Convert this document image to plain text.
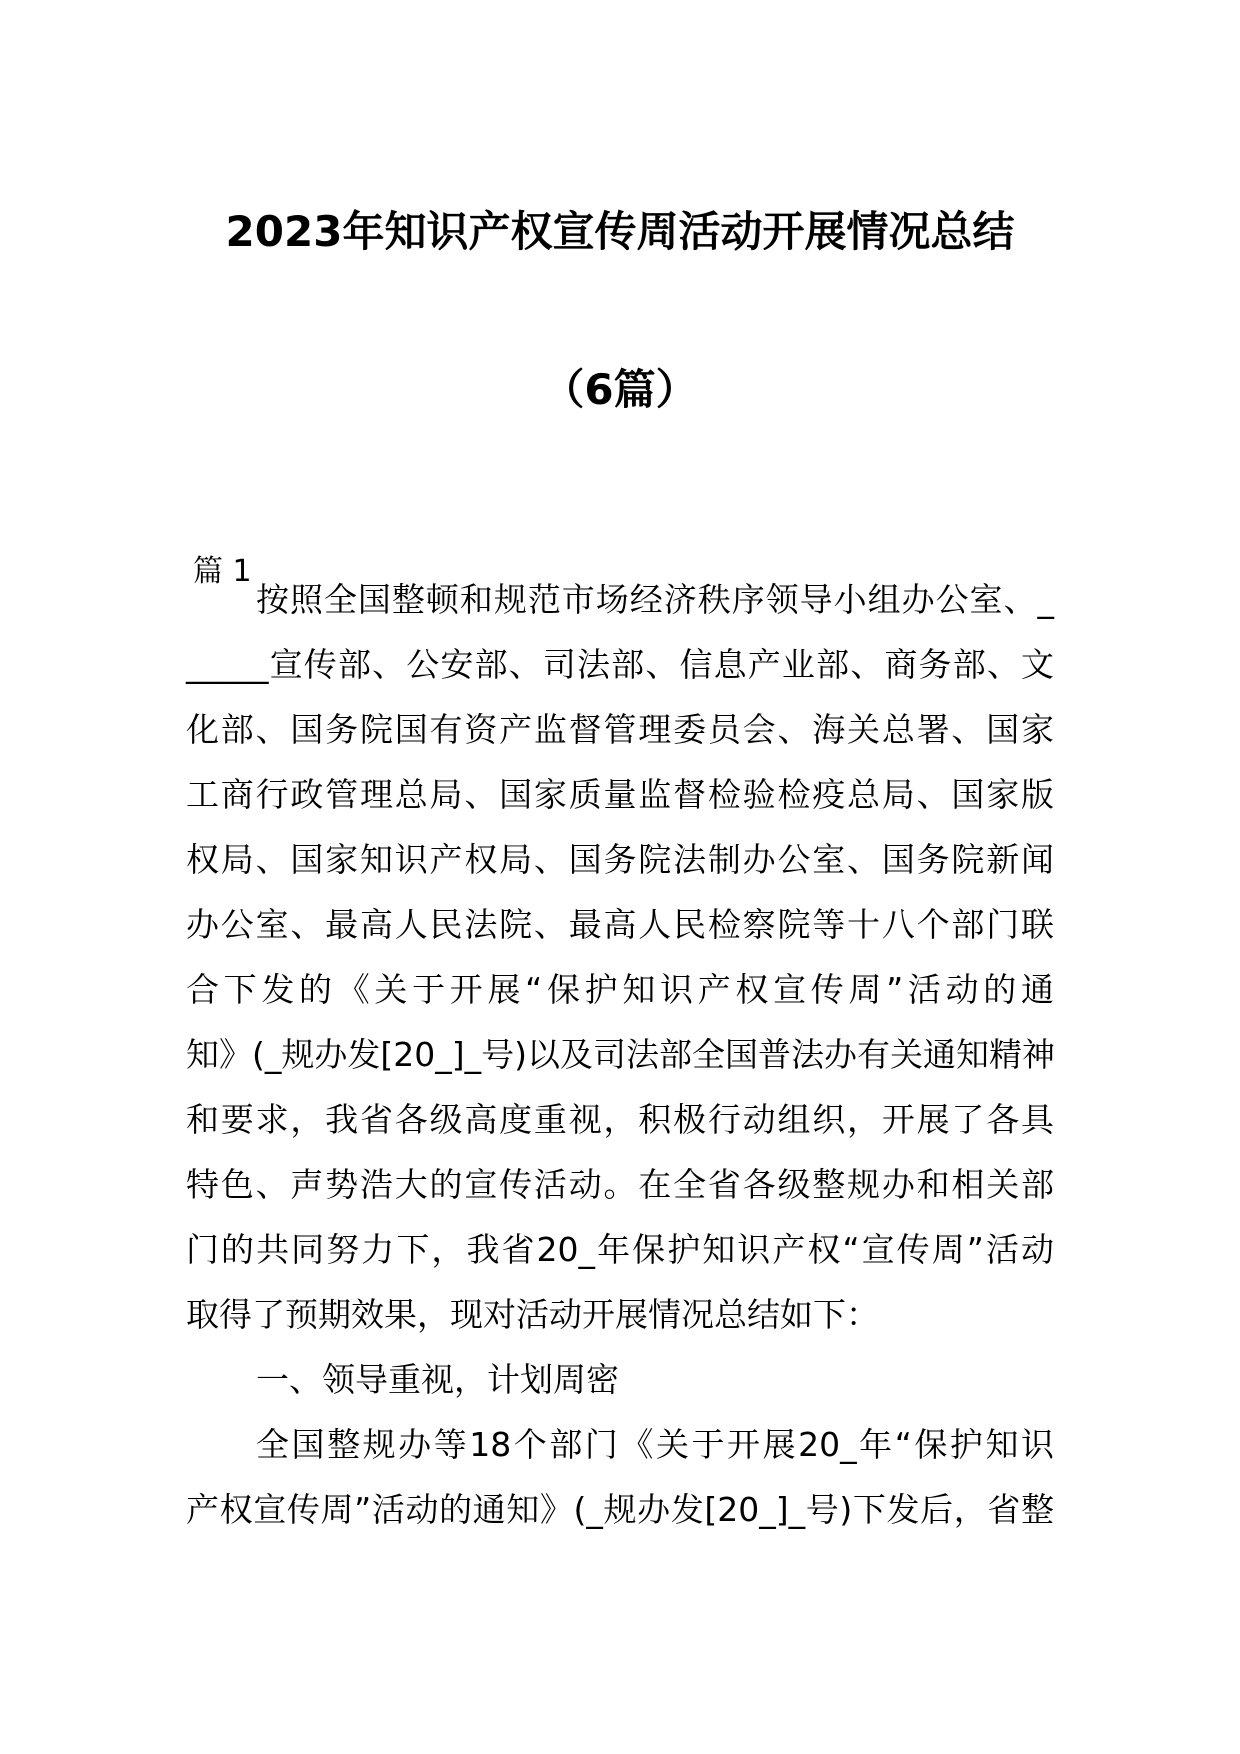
2023年知识产权宣传周活动开展情况总结
（6篇）
篇 1
按照全国整顿和规范市场经济秩序领导小组办公室、_
_____宣传部、公安部、司法部、信息产业部、商务部、文
化部、国务院国有资产监督管理委员会、海关总署、国家
工商行政管理总局、国家质量监督检验检疫总局、国家版
权局、国家知识产权局、国务院法制办公室、国务院新闻
办公室、最高人民法院、最高人民检察院等十八个部门联
合下发的《关于开展“保护知识产权宣传周”活动的通
知》(_规办发[20_]_号)以及司法部全国普法办有关通知精神
和要求，我省各级高度重视，积极行动组织，开展了各具
特色、声势浩大的宣传活动。在全省各级整规办和相关部
门的共同努力下，我省20_年保护知识产权“宣传周”活动
取得了预期效果，现对活动开展情况总结如下：
一、领导重视，计划周密
全国整规办等18个部门《关于开展20_年“保护知识
产权宣传周”活动的通知》(_规办发[20_]_号)下发后，省整
